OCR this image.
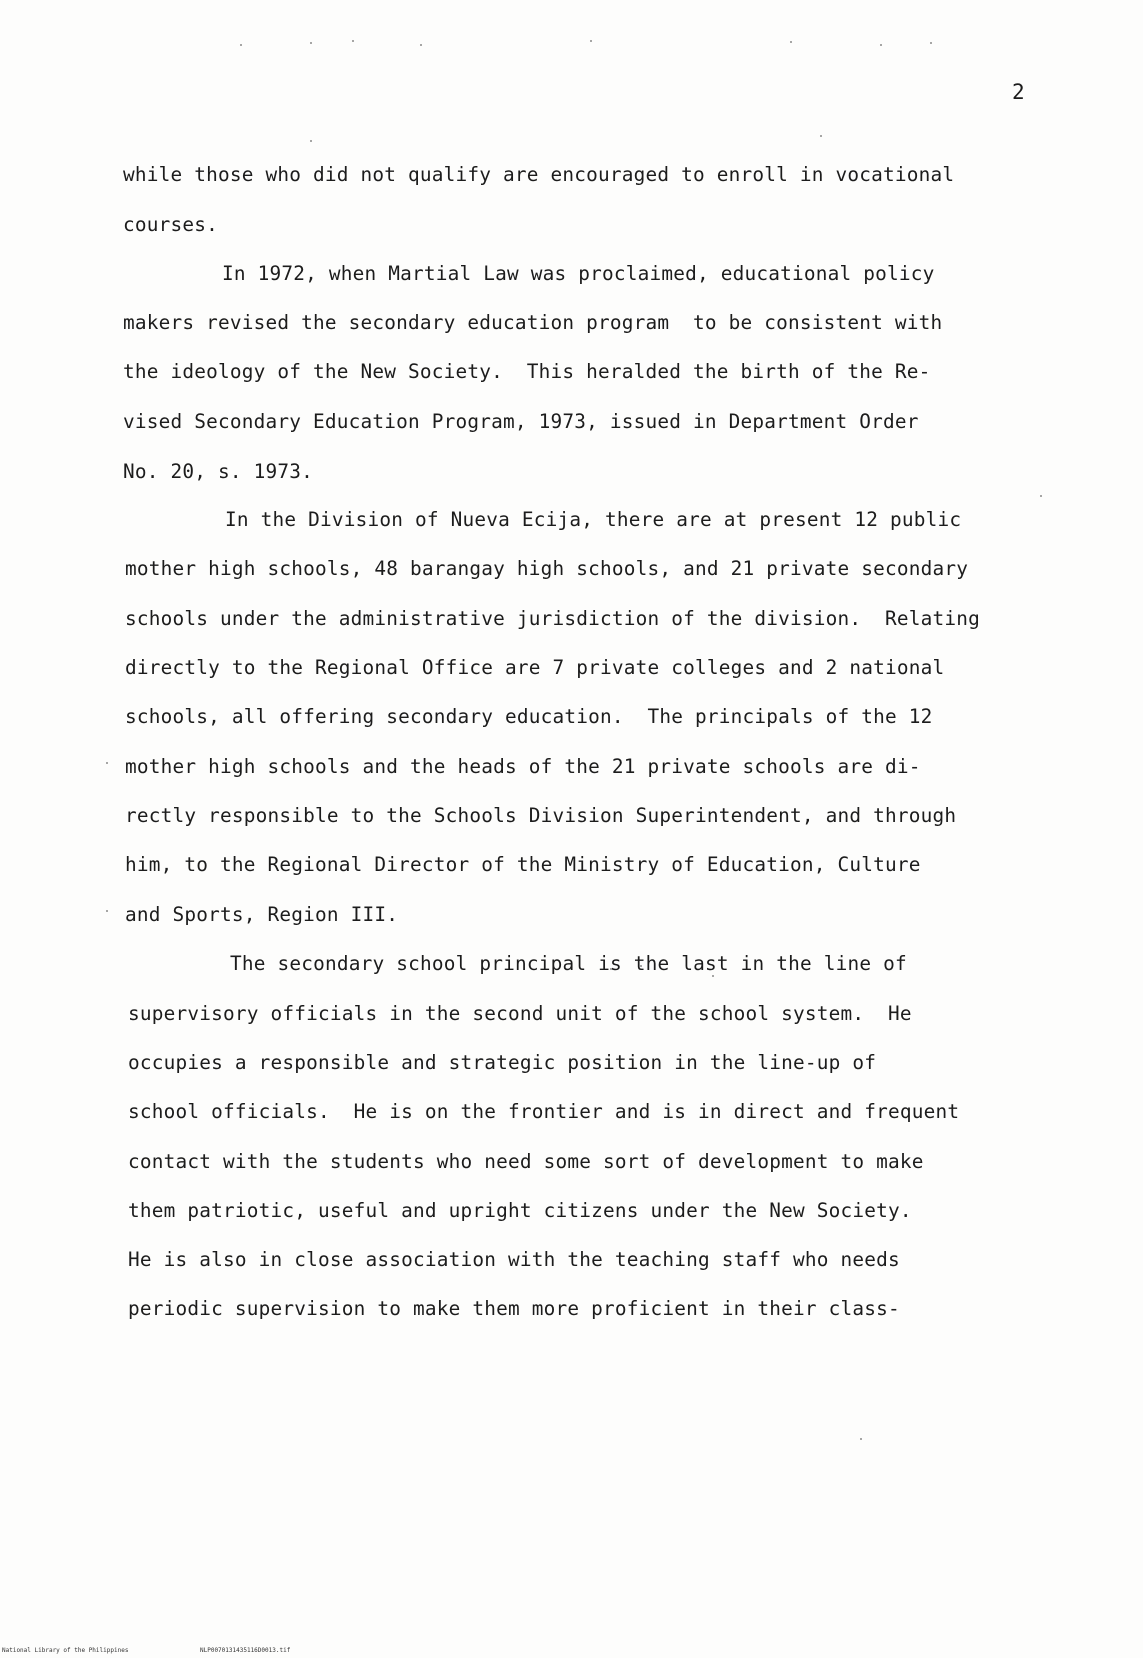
2
while those who did not qualify are encouraged to enroll in vocational
courses.
In 1972, when Martial Law was proclaimed, educational policy
makers revised the secondary education program  to be consistent with
the ideology of the New Society.  This heralded the birth of the Re-
vised Secondary Education Program, 1973, issued in Department Order
No. 20, s. 1973.
In the Division of Nueva Ecija, there are at present 12 public
mother high schools, 48 barangay high schools, and 21 private secondary
schools under the administrative jurisdiction of the division.  Relating
directly to the Regional Office are 7 private colleges and 2 national
schools, all offering secondary education.  The principals of the 12
mother high schools and the heads of the 21 private schools are di-
rectly responsible to the Schools Division Superintendent, and through
him, to the Regional Director of the Ministry of Education, Culture
and Sports, Region III.
The secondary school principal is the last in the line of
supervisory officials in the second unit of the school system.  He
occupies a responsible and strategic position in the line-up of
school officials.  He is on the frontier and is in direct and frequent
contact with the students who need some sort of development to make
them patriotic, useful and upright citizens under the New Society.
He is also in close association with the teaching staff who needs
periodic supervision to make them more proficient in their class-
National Library of the Philippines	NLP0070131435116D0013.tif
